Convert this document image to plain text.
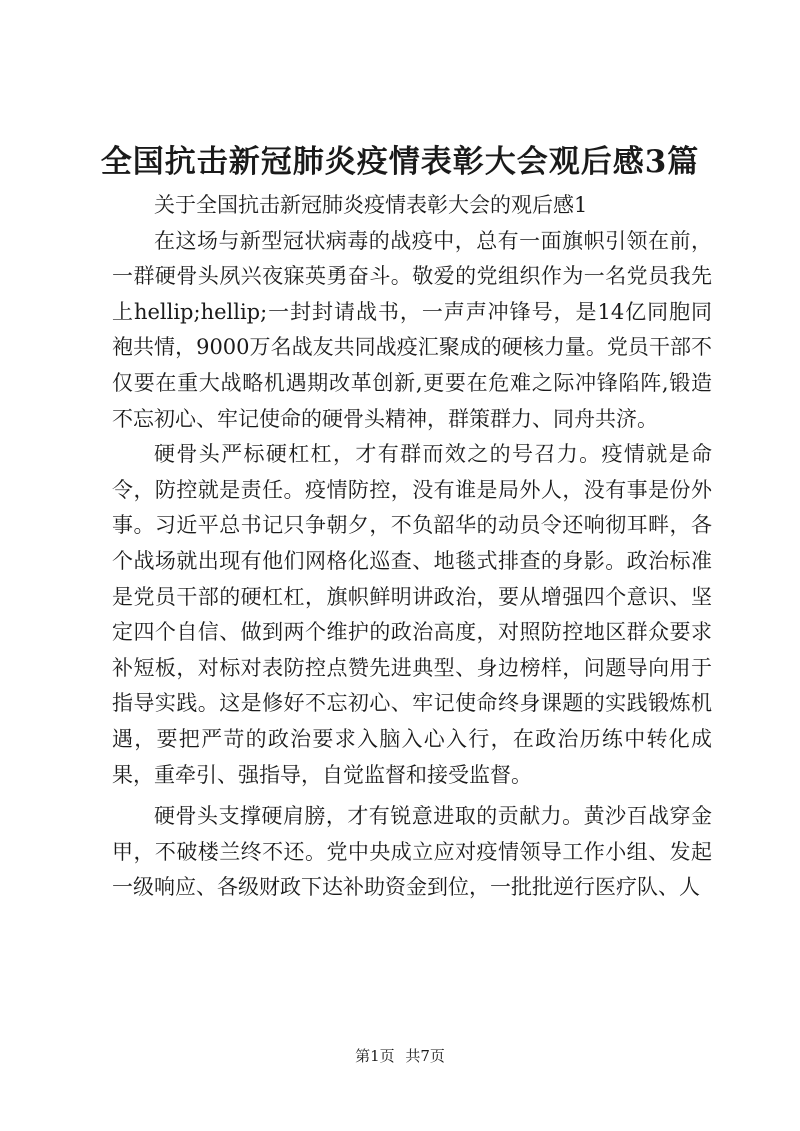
全国抗击新冠肺炎疫情表彰大会观后感3篇

关于全国抗击新冠肺炎疫情表彰大会的观后感1

在这场与新型冠状病毒的战疫中，总有一面旗帜引领在前，一群硬骨头夙兴夜寐英勇奋斗。敬爱的党组织作为一名党员我先上hellip;hellip;一封封请战书，一声声冲锋号，是14亿同胞同袍共情，9000万名战友共同战疫汇聚成的硬核力量。党员干部不仅要在重大战略机遇期改革创新,更要在危难之际冲锋陷阵,锻造不忘初心、牢记使命的硬骨头精神，群策群力、同舟共济。

硬骨头严标硬杠杠，才有群而效之的号召力。疫情就是命令，防控就是责任。疫情防控，没有谁是局外人，没有事是份外事。习近平总书记只争朝夕，不负韶华的动员令还响彻耳畔，各个战场就出现有他们网格化巡查、地毯式排查的身影。政治标准是党员干部的硬杠杠，旗帜鲜明讲政治，要从增强四个意识、坚定四个自信、做到两个维护的政治高度，对照防控地区群众要求补短板，对标对表防控点赞先进典型、身边榜样，问题导向用于指导实践。这是修好不忘初心、牢记使命终身课题的实践锻炼机遇，要把严苛的政治要求入脑入心入行，在政治历练中转化成果，重牵引、强指导，自觉监督和接受监督。

硬骨头支撑硬肩膀，才有锐意进取的贡献力。黄沙百战穿金甲，不破楼兰终不还。党中央成立应对疫情领导工作小组、发起一级响应、各级财政下达补助资金到位，一批批逆行医疗队、人

第1页 共7页
